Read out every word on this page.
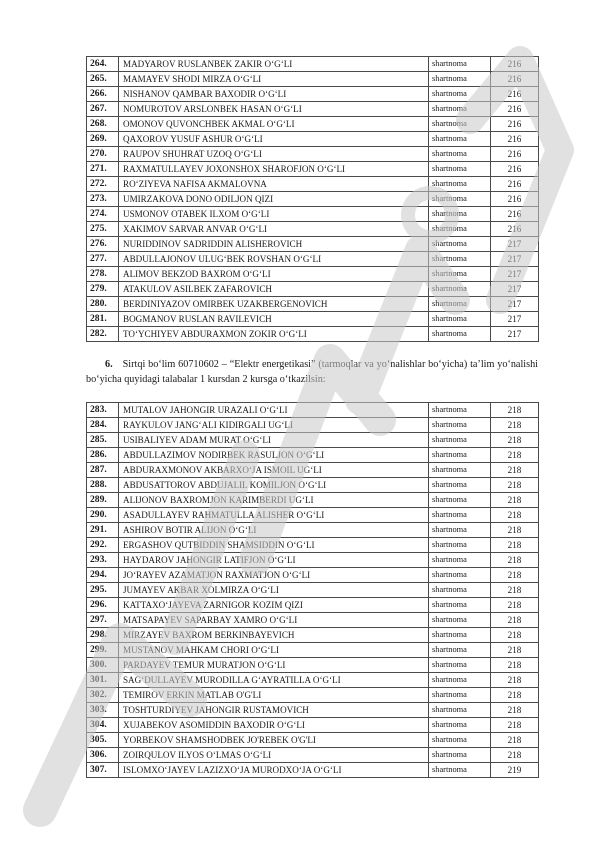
264.	MADYAROV RUSLANBEK ZAKIR O‘G‘LI	shartnoma	216
265.	MAMAYEV SHODI MIRZA O‘G‘LI	shartnoma	216
266.	NISHANOV QAMBAR BAXODIR O‘G‘LI	shartnoma	216
267.	NOMUROTOV ARSLONBEK HASAN O‘G‘LI	shartnoma	216
268.	OMONOV QUVONCHBEK AKMAL O‘G‘LI	shartnoma	216
269.	QAXOROV YUSUF ASHUR O‘G‘LI	shartnoma	216
270.	RAUPOV SHUHRAT UZOQ O‘G‘LI	shartnoma	216
271.	RAXMATULLAYEV JOXONSHOX SHAROFJON O‘G‘LI	shartnoma	216
272.	RO‘ZIYEVA NAFISA AKMALOVNA	shartnoma	216
273.	UMIRZAKOVA DONO ODILJON QIZI	shartnoma	216
274.	USMONOV OTABEK ILXOM O‘G‘LI	shartnoma	216
275.	XAKIMOV SARVAR ANVAR O‘G‘LI	shartnoma	216
276.	NURIDDINOV SADRIDDIN ALISHEROVICH	shartnoma	217
277.	ABDULLAJONOV ULUG‘BEK ROVSHAN O‘G‘LI	shartnoma	217
278.	ALIMOV BEKZOD BAXROM O‘G‘LI	shartnoma	217
279.	ATAKULOV ASILBEK ZAFAROVICH	shartnoma	217
280.	BERDINIYAZOV OMIRBEK UZAKBERGENOVICH	shartnoma	217
281.	BOGMANOV RUSLAN RAVILEVICH	shartnoma	217
282.	TO‘YCHIYEV ABDURAXMON ZOKIR O‘G‘LI	shartnoma	217
6. Sirtqi bo‘lim 60710602 – “Elektr energetikasi” (tarmoqlar va yo‘nalishlar bo‘yicha) ta’lim yo‘nalishi bo‘yicha quyidagi talabalar 1 kursdan 2 kursga o‘tkazilsin:
283.	MUTALOV JAHONGIR URAZALI O‘G‘LI	shartnoma	218
284.	RAYKULOV JANG‘ALI KIDIRGALI UG‘LI	shartnoma	218
285.	USIBALIYEV ADAM MURAT O‘G‘LI	shartnoma	218
286.	ABDULLAZIMOV NODIRBEK RASULJON O‘G‘LI	shartnoma	218
287.	ABDURAXMONOV AKBARXO‘JA ISMOIL UG‘LI	shartnoma	218
288.	ABDUSATTOROV ABDUJALIL KOMILJON O‘G‘LI	shartnoma	218
289.	ALIJONOV BAXROMJON KARIMBERDI UG‘LI	shartnoma	218
290.	ASADULLAYEV RAHMATULLA ALISHER O‘G‘LI	shartnoma	218
291.	ASHIROV BOTIR ALIJON O‘G‘LI	shartnoma	218
292.	ERGASHOV QUTBIDDIN SHAMSIDDIN O‘G‘LI	shartnoma	218
293.	HAYDAROV JAHONGIR LATIFJON O‘G‘LI	shartnoma	218
294.	JO‘RAYEV AZAMATJON RAXMATJON O‘G‘LI	shartnoma	218
295.	JUMAYEV AKBAR XOLMIRZA O‘G‘LI	shartnoma	218
296.	KATTAXO‘JAYEVA ZARNIGOR KOZIM QIZI	shartnoma	218
297.	MATSAPAYEV SAPARBAY XAMRO O‘G‘LI	shartnoma	218
298.	MIRZAYEV BAXROM BERKINBAYEVICH	shartnoma	218
299.	MUSTANOV MAHKAM CHORI O‘G‘LI	shartnoma	218
300.	PARDAYEV TEMUR MURATJON O‘G‘LI	shartnoma	218
301.	SAG‘DULLAYEV MURODILLA G‘AYRATILLA O‘G‘LI	shartnoma	218
302.	TEMIROV ERKIN MATLAB O'G'LI	shartnoma	218
303.	TOSHTURDIYEV JAHONGIR RUSTAMOVICH	shartnoma	218
304.	XUJABEKOV ASOMIDDIN BAXODIR O‘G‘LI	shartnoma	218
305.	YORBEKOV SHAMSHODBEK JO'REBEK O'G'LI	shartnoma	218
306.	ZOIRQULOV ILYOS O‘LMAS O‘G‘LI	shartnoma	218
307.	ISLOMXO‘JAYEV LAZIZXO‘JA MURODXO‘JA O‘G‘LI	shartnoma	219
